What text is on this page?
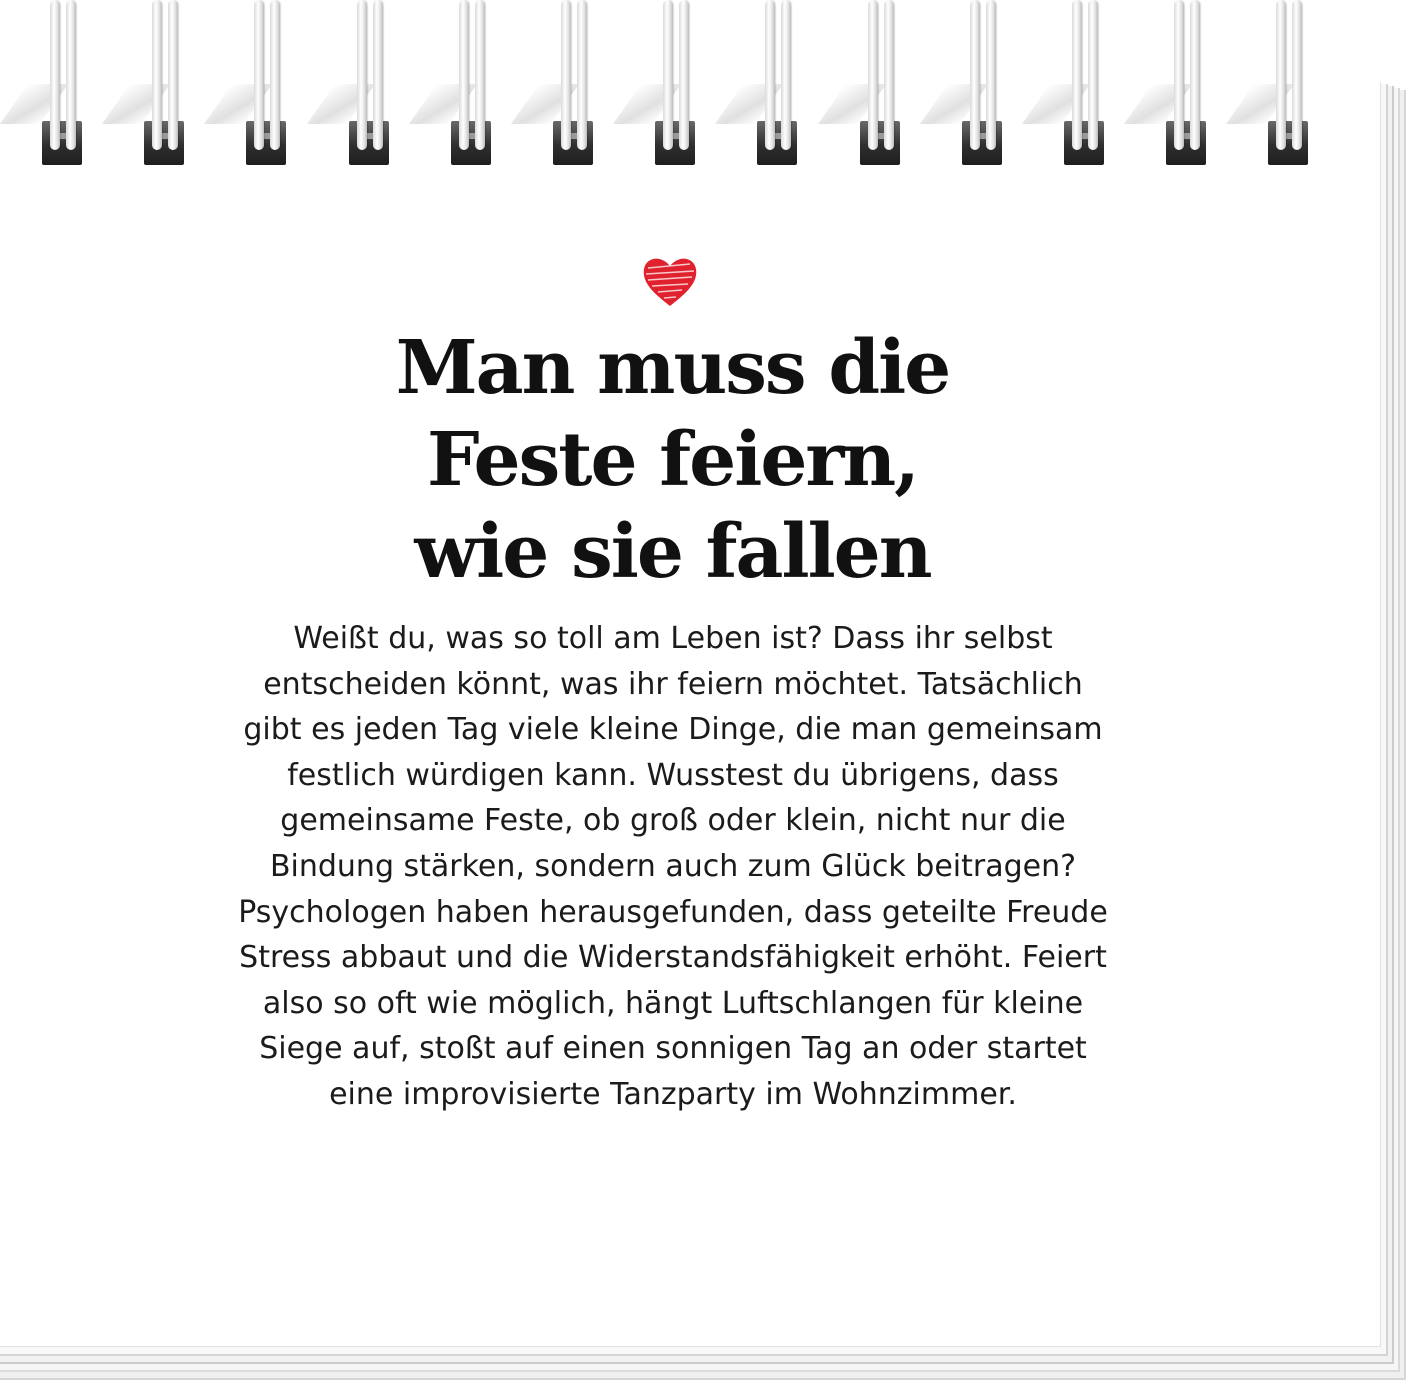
Man muss die
Feste feiern,
wie sie fallen

Weißt du, was so toll am Leben ist? Dass ihr selbst
entscheiden könnt, was ihr feiern möchtet. Tatsächlich
gibt es jeden Tag viele kleine Dinge, die man gemeinsam
festlich würdigen kann. Wusstest du übrigens, dass
gemeinsame Feste, ob groß oder klein, nicht nur die
Bindung stärken, sondern auch zum Glück beitragen?
Psychologen haben herausgefunden, dass geteilte Freude
Stress abbaut und die Widerstandsfähigkeit erhöht. Feiert
also so oft wie möglich, hängt Luftschlangen für kleine
Siege auf, stoßt auf einen sonnigen Tag an oder startet
eine improvisierte Tanzparty im Wohnzimmer.
